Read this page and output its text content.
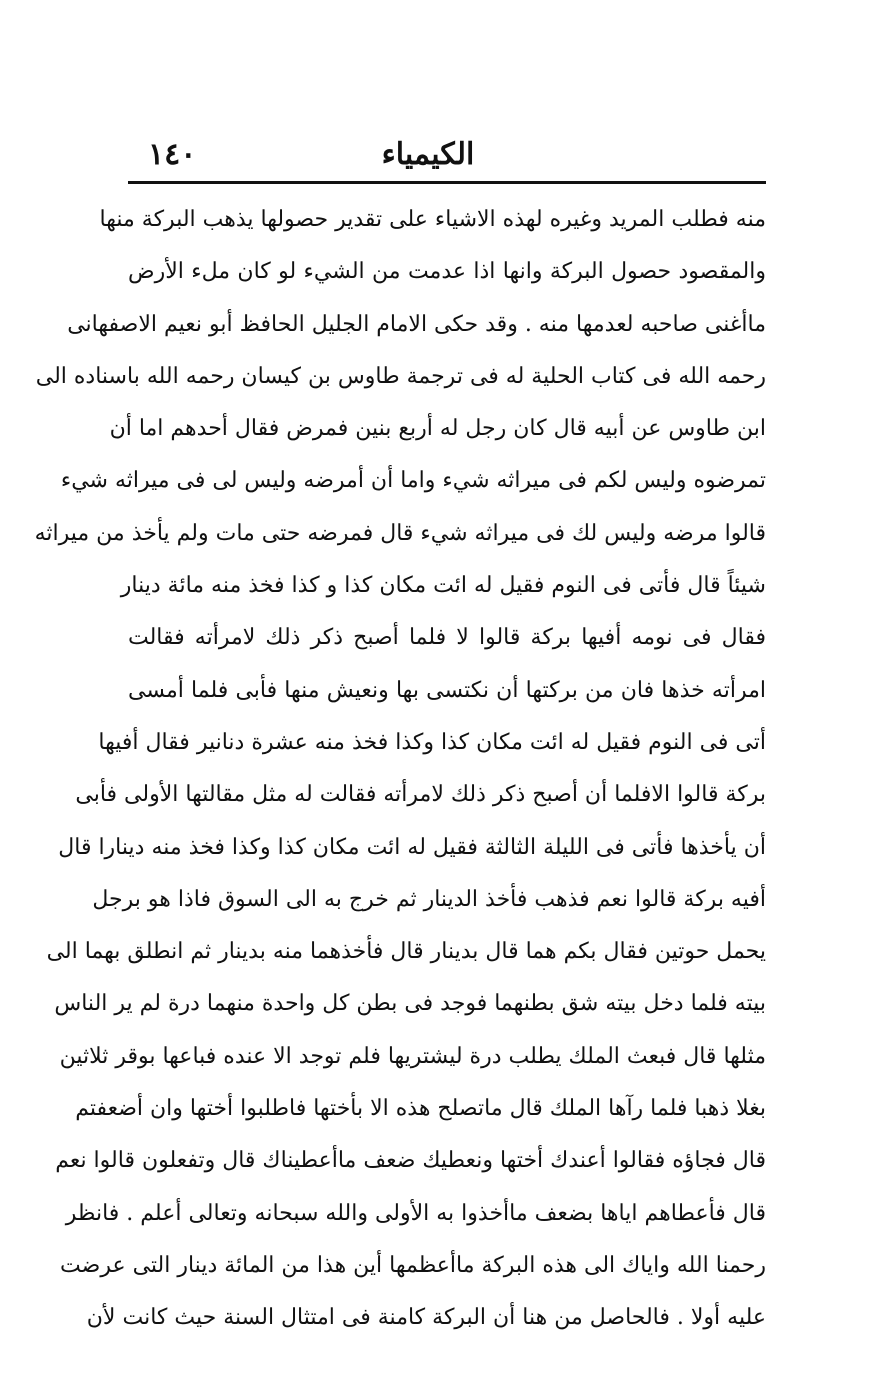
١٤٠	الكيمياء
منه فطلب المريد وغيره لهذه الاشياء على تقدير حصولها يذهب البركة منها
والمقصود حصول البركة وانها اذا عدمت من الشيء لو كان ملء الأرض
ماأغنى صاحبه لعدمها منه . وقد حكى الامام الجليل الحافظ أبو نعيم الاصفهانى
رحمه الله فى كتاب الحلية له فى ترجمة طاوس بن كيسان رحمه الله باسناده الى
ابن طاوس عن أبيه قال كان رجل له أربع بنين فمرض فقال أحدهم اما أن
تمرضوه وليس لكم فى ميراثه شيء واما أن أمرضه وليس لى فى ميراثه شيء
قالوا مرضه وليس لك فى ميراثه شيء قال فمرضه حتى مات ولم يأخذ من ميراثه
شيئاً قال فأتى فى النوم فقيل له ائت مكان كذا و كذا فخذ منه مائة دينار
فقال فى نومه أفيها بركة قالوا لا فلما أصبح ذكر ذلك لامرأته فقالت
امرأته خذها فان من بركتها أن نكتسى بها ونعيش منها فأبى فلما أمسى
أتى فى النوم فقيل له ائت مكان كذا وكذا فخذ منه عشرة دنانير فقال أفيها
بركة قالوا الافلما أن أصبح ذكر ذلك لامرأته فقالت له مثل مقالتها الأولى فأبى
أن يأخذها فأتى فى الليلة الثالثة فقيل له ائت مكان كذا وكذا فخذ منه دينارا قال
أفيه بركة قالوا نعم فذهب فأخذ الدينار ثم خرج به الى السوق فاذا هو برجل
يحمل حوتين فقال بكم هما قال بدينار قال فأخذهما منه بدينار ثم انطلق بهما الى
بيته فلما دخل بيته شق بطنهما فوجد فى بطن كل واحدة منهما درة لم ير الناس
مثلها قال فبعث الملك يطلب درة ليشتريها فلم توجد الا عنده فباعها بوقر ثلاثين
بغلا ذهبا فلما رآها الملك قال ماتصلح هذه الا بأختها فاطلبوا أختها وان أضعفتم
قال فجاؤه فقالوا أعندك أختها ونعطيك ضعف ماأعطيناك قال وتفعلون قالوا نعم
قال فأعطاهم اياها بضعف ماأخذوا به الأولى والله سبحانه وتعالى أعلم . فانظر
رحمنا الله واياك الى هذه البركة ماأعظمها أين هذا من المائة دينار التى عرضت
عليه أولا . فالحاصل من هنا أن البركة كامنة فى امتثال السنة حيث كانت لأن
